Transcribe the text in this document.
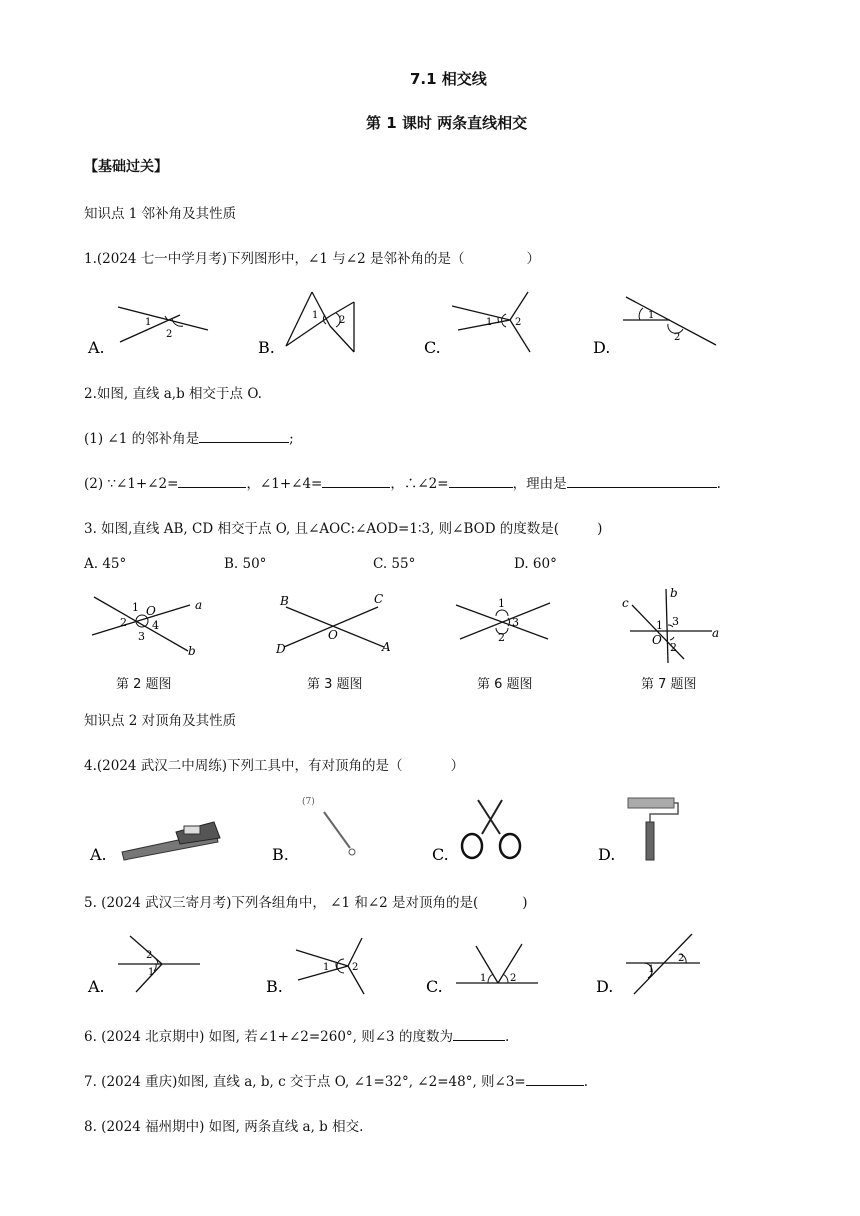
7.1 相交线
第 1 课时 两条直线相交
【基础过关】
知识点 1 邻补角及其性质
1.(2024 七一中学月考)下列图形中，∠1 与∠2 是邻补角的是（	）
1
2
A.
1 2
B.
1 2
C.
1
2
D.
2.如图, 直线 a,b 相交于点 O.
(1) ∠1 的邻补角是	;
(2) ∵∠1+∠2=	，∠1+∠4=	，∴∠2=	，理由是	.
3. 如图,直线 AB, CD 相交于点 O, 且∠AOC:∠AOD=1∶3, 则∠BOD 的度数是(	)
A. 45°	B. 50°	C. 55°	D. 60°
1 O	a
2 4
3
b
B	C
O
D	A
1
2
3
b
c
3
1
O	a
2
第 2 题图	第 3 题图	第 6 题图	第 7 题图
知识点 2 对顶角及其性质
4.(2024 武汉二中周练)下列工具中，有对顶角的是（	）
A.
(7)
B.	C.	D.
5. (2024 武汉三寄月考)下列各组角中， ∠1 和∠2 是对顶角的是(	)
2
1
A.
1 2
B.	1 2
C.
1
2
D.
6. (2024 北京期中) 如图, 若∠1+∠2=260°, 则∠3 的度数为	.
7. (2024 重庆)如图, 直线 a, b, c 交于点 O, ∠1=32°, ∠2=48°, 则∠3=	.
8. (2024 福州期中) 如图, 两条直线 a, b 相交.
